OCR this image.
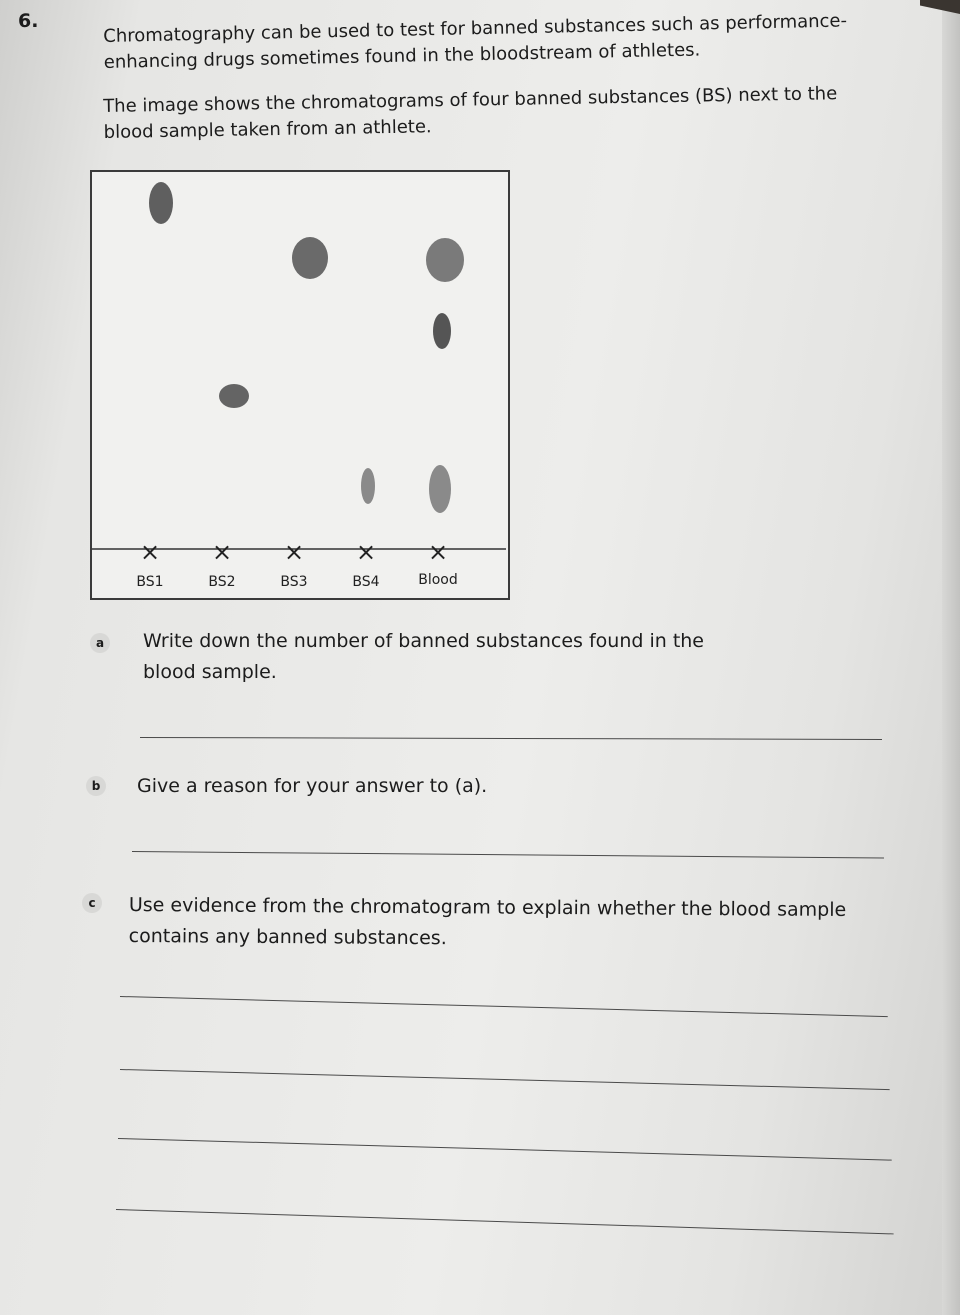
6.	Chromatography can be used to test for banned substances such as performance-enhancing drugs sometimes found in the bloodstream of athletes.

The image shows the chromatograms of four banned substances (BS) next to the blood sample taken from an athlete.

× × × × ×
BS1	BS2	BS3	BS4	Blood
a	Write down the number of banned substances found in the blood sample.

b	Give a reason for your answer to (a).

c	Use evidence from the chromatogram to explain whether the blood sample contains any banned substances.
